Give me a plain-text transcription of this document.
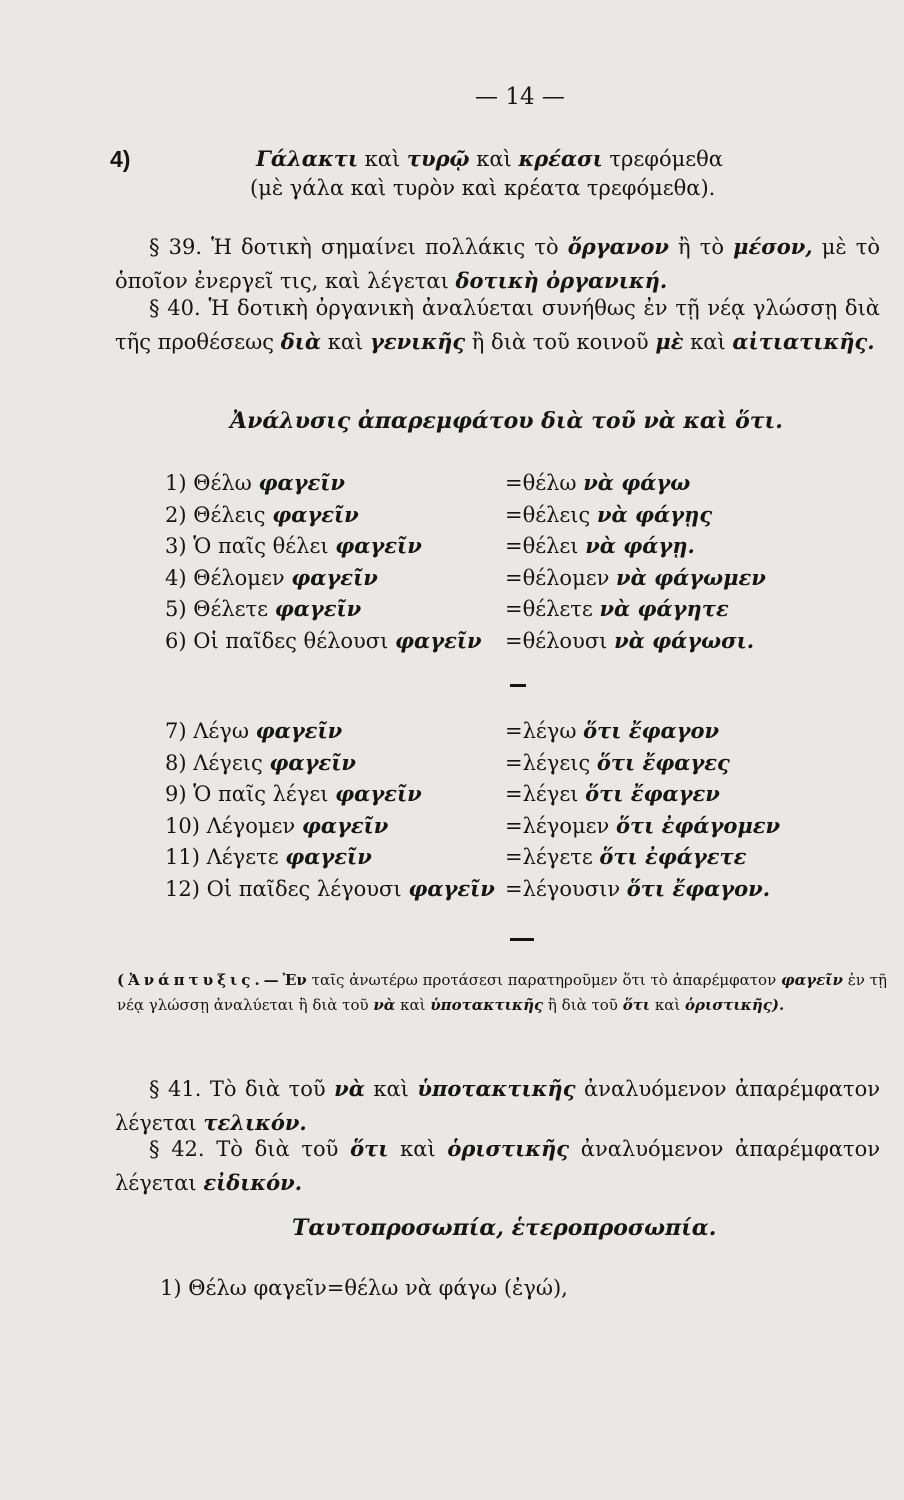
— 14 —
4)	Γάλακτι καὶ τυρῷ καὶ κρέασι τρεφόμεθα
(μὲ γάλα καὶ τυρὸν καὶ κρέατα τρεφόμεθα).
§ 39. Ἡ δοτικὴ σημαίνει πολλάκις τὸ ὄργανον ἢ τὸ μέσον, μὲ τὸ ὁποῖον ἐνεργεῖ τις, καὶ λέγεται δοτικὴ ὀργανική.
§ 40. Ἡ δοτικὴ ὀργανικὴ ἀναλύεται συνήθως ἐν τῇ νέᾳ γλώσσῃ διὰ τῆς προθέσεως διὰ καὶ γενικῆς ἢ διὰ τοῦ κοινοῦ μὲ καὶ αἰτιατικῆς.
Ἀνάλυσις ἀπαρεμφάτου διὰ τοῦ νὰ καὶ ὅτι.
1) Θέλω φαγεῖν	=θέλω νὰ φάγω
2) Θέλεις φαγεῖν	=θέλεις νὰ φάγῃς
3) Ὁ παῖς θέλει φαγεῖν	=θέλει νὰ φάγῃ.
4) Θέλομεν φαγεῖν	=θέλομεν νὰ φάγωμεν
5) Θέλετε φαγεῖν	=θέλετε νὰ φάγητε
6) Οἱ παῖδες θέλουσι φαγεῖν	=θέλουσι νὰ φάγωσι.
7) Λέγω φαγεῖν	=λέγω ὅτι ἔφαγον
8) Λέγεις φαγεῖν	=λέγεις ὅτι ἔφαγες
9) Ὁ παῖς λέγει φαγεῖν	=λέγει ὅτι ἔφαγεν
10) Λέγομεν φαγεῖν	=λέγομεν ὅτι ἐφάγομεν
11) Λέγετε φαγεῖν	=λέγετε ὅτι ἐφάγετε
12) Οἱ παῖδες λέγουσι φαγεῖν =λέγουσιν ὅτι ἔφαγον.
(Ἀνάπτυξις.—Ἐν ταῖς ἀνωτέρω προτάσεσι παρατηροῦμεν ὅτι τὸ ἀπαρέμφατον φαγεῖν ἐν τῇ νέᾳ γλώσσῃ ἀναλύεται ἢ διὰ τοῦ νὰ καὶ ὑποτακτικῆς ἢ διὰ τοῦ ὅτι καὶ ὁριστικῆς).
§ 41. Τὸ διὰ τοῦ νὰ καὶ ὑποτακτικῆς ἀναλυόμενον ἀπαρέμφατον λέγεται τελικόν.
§ 42. Τὸ διὰ τοῦ ὅτι καὶ ὁριστικῆς ἀναλυόμενον ἀπαρέμφατον λέγεται εἰδικόν.
Ταυτοπροσωπία, ἑτεροπροσωπία.
1) Θέλω φαγεῖν=θέλω νὰ φάγω (ἐγώ),
